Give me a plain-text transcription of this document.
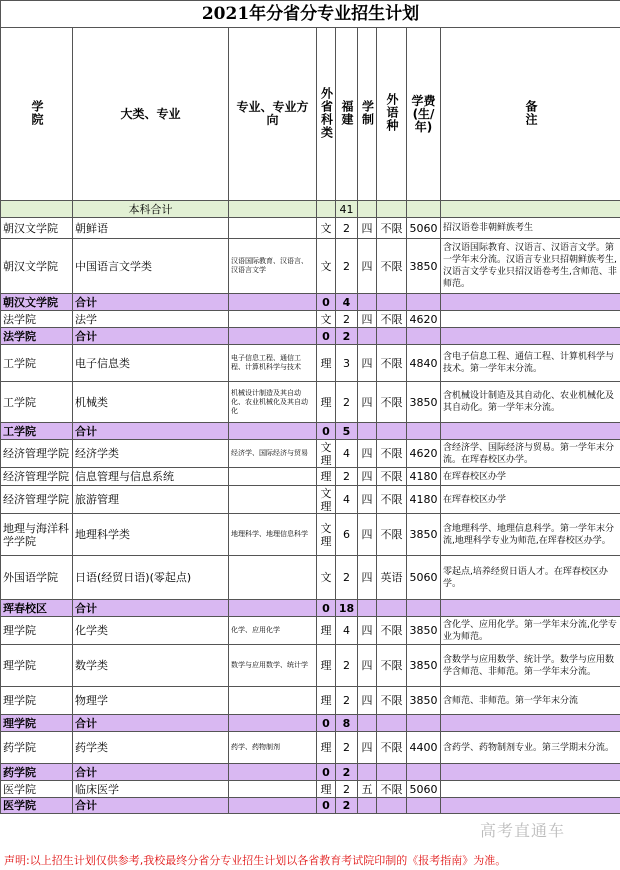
2021年分省分专业招生计划								
学院	大类、专业	专业、专业方向	外省科类	福建	学制	外语种	学费(生/年)	备注
	本科合计			41				
朝汉文学院	朝鲜语		文	2	四	不限	5060	招汉语卷非朝鲜族考生
朝汉文学院	中国语言文学类	汉语国际教育、汉语言、汉语言文学	文	2	四	不限	3850	含汉语国际教育、汉语言、汉语言文学。第一学年末分流。汉语言专业只招朝鲜族考生,汉语言文学专业只招汉语卷考生,含师范、非师范。
朝汉文学院	合计		0	4				
法学院	法学		文	2	四	不限	4620	
法学院	合计		0	2				
工学院	电子信息类	电子信息工程、通信工程、计算机科学与技术	理	3	四	不限	4840	含电子信息工程、通信工程、计算机科学与技术。第一学年末分流。
工学院	机械类	机械设计制造及其自动化、农业机械化及其自动化	理	2	四	不限	3850	含机械设计制造及其自动化、农业机械化及其自动化。第一学年末分流。
工学院	合计		0	5				
经济管理学院	经济学类	经济学、国际经济与贸易	文理	4	四	不限	4620	含经济学、国际经济与贸易。第一学年末分流。在珲春校区办学。
经济管理学院	信息管理与信息系统		理	2	四	不限	4180	在珲春校区办学
经济管理学院	旅游管理		文理	4	四	不限	4180	在珲春校区办学
地理与海洋科学学院	地理科学类	地理科学、地理信息科学	文理	6	四	不限	3850	含地理科学、地理信息科学。第一学年末分流,地理科学专业为师范,在珲春校区办学。
外国语学院	日语(经贸日语)(零起点)		文	2	四	英语	5060	零起点,培养经贸日语人才。在珲春校区办学。
珲春校区	合计		0	18				
理学院	化学类	化学、应用化学	理	4	四	不限	3850	含化学、应用化学。第一学年末分流,化学专业为师范。
理学院	数学类	数学与应用数学、统计学	理	2	四	不限	3850	含数学与应用数学、统计学。数学与应用数学含师范、非师范。第一学年末分流。
理学院	物理学		理	2	四	不限	3850	含师范、非师范。第一学年末分流
理学院	合计		0	8				
药学院	药学类	药学、药物制剂	理	2	四	不限	4400	含药学、药物制剂专业。第三学期末分流。
药学院	合计		0	2				
医学院	临床医学		理	2	五	不限	5060	
医学院	合计		0	2				
高考直通车
声明:以上招生计划仅供参考,我校最终分省分专业招生计划以各省教育考试院印制的《报考指南》为准。
